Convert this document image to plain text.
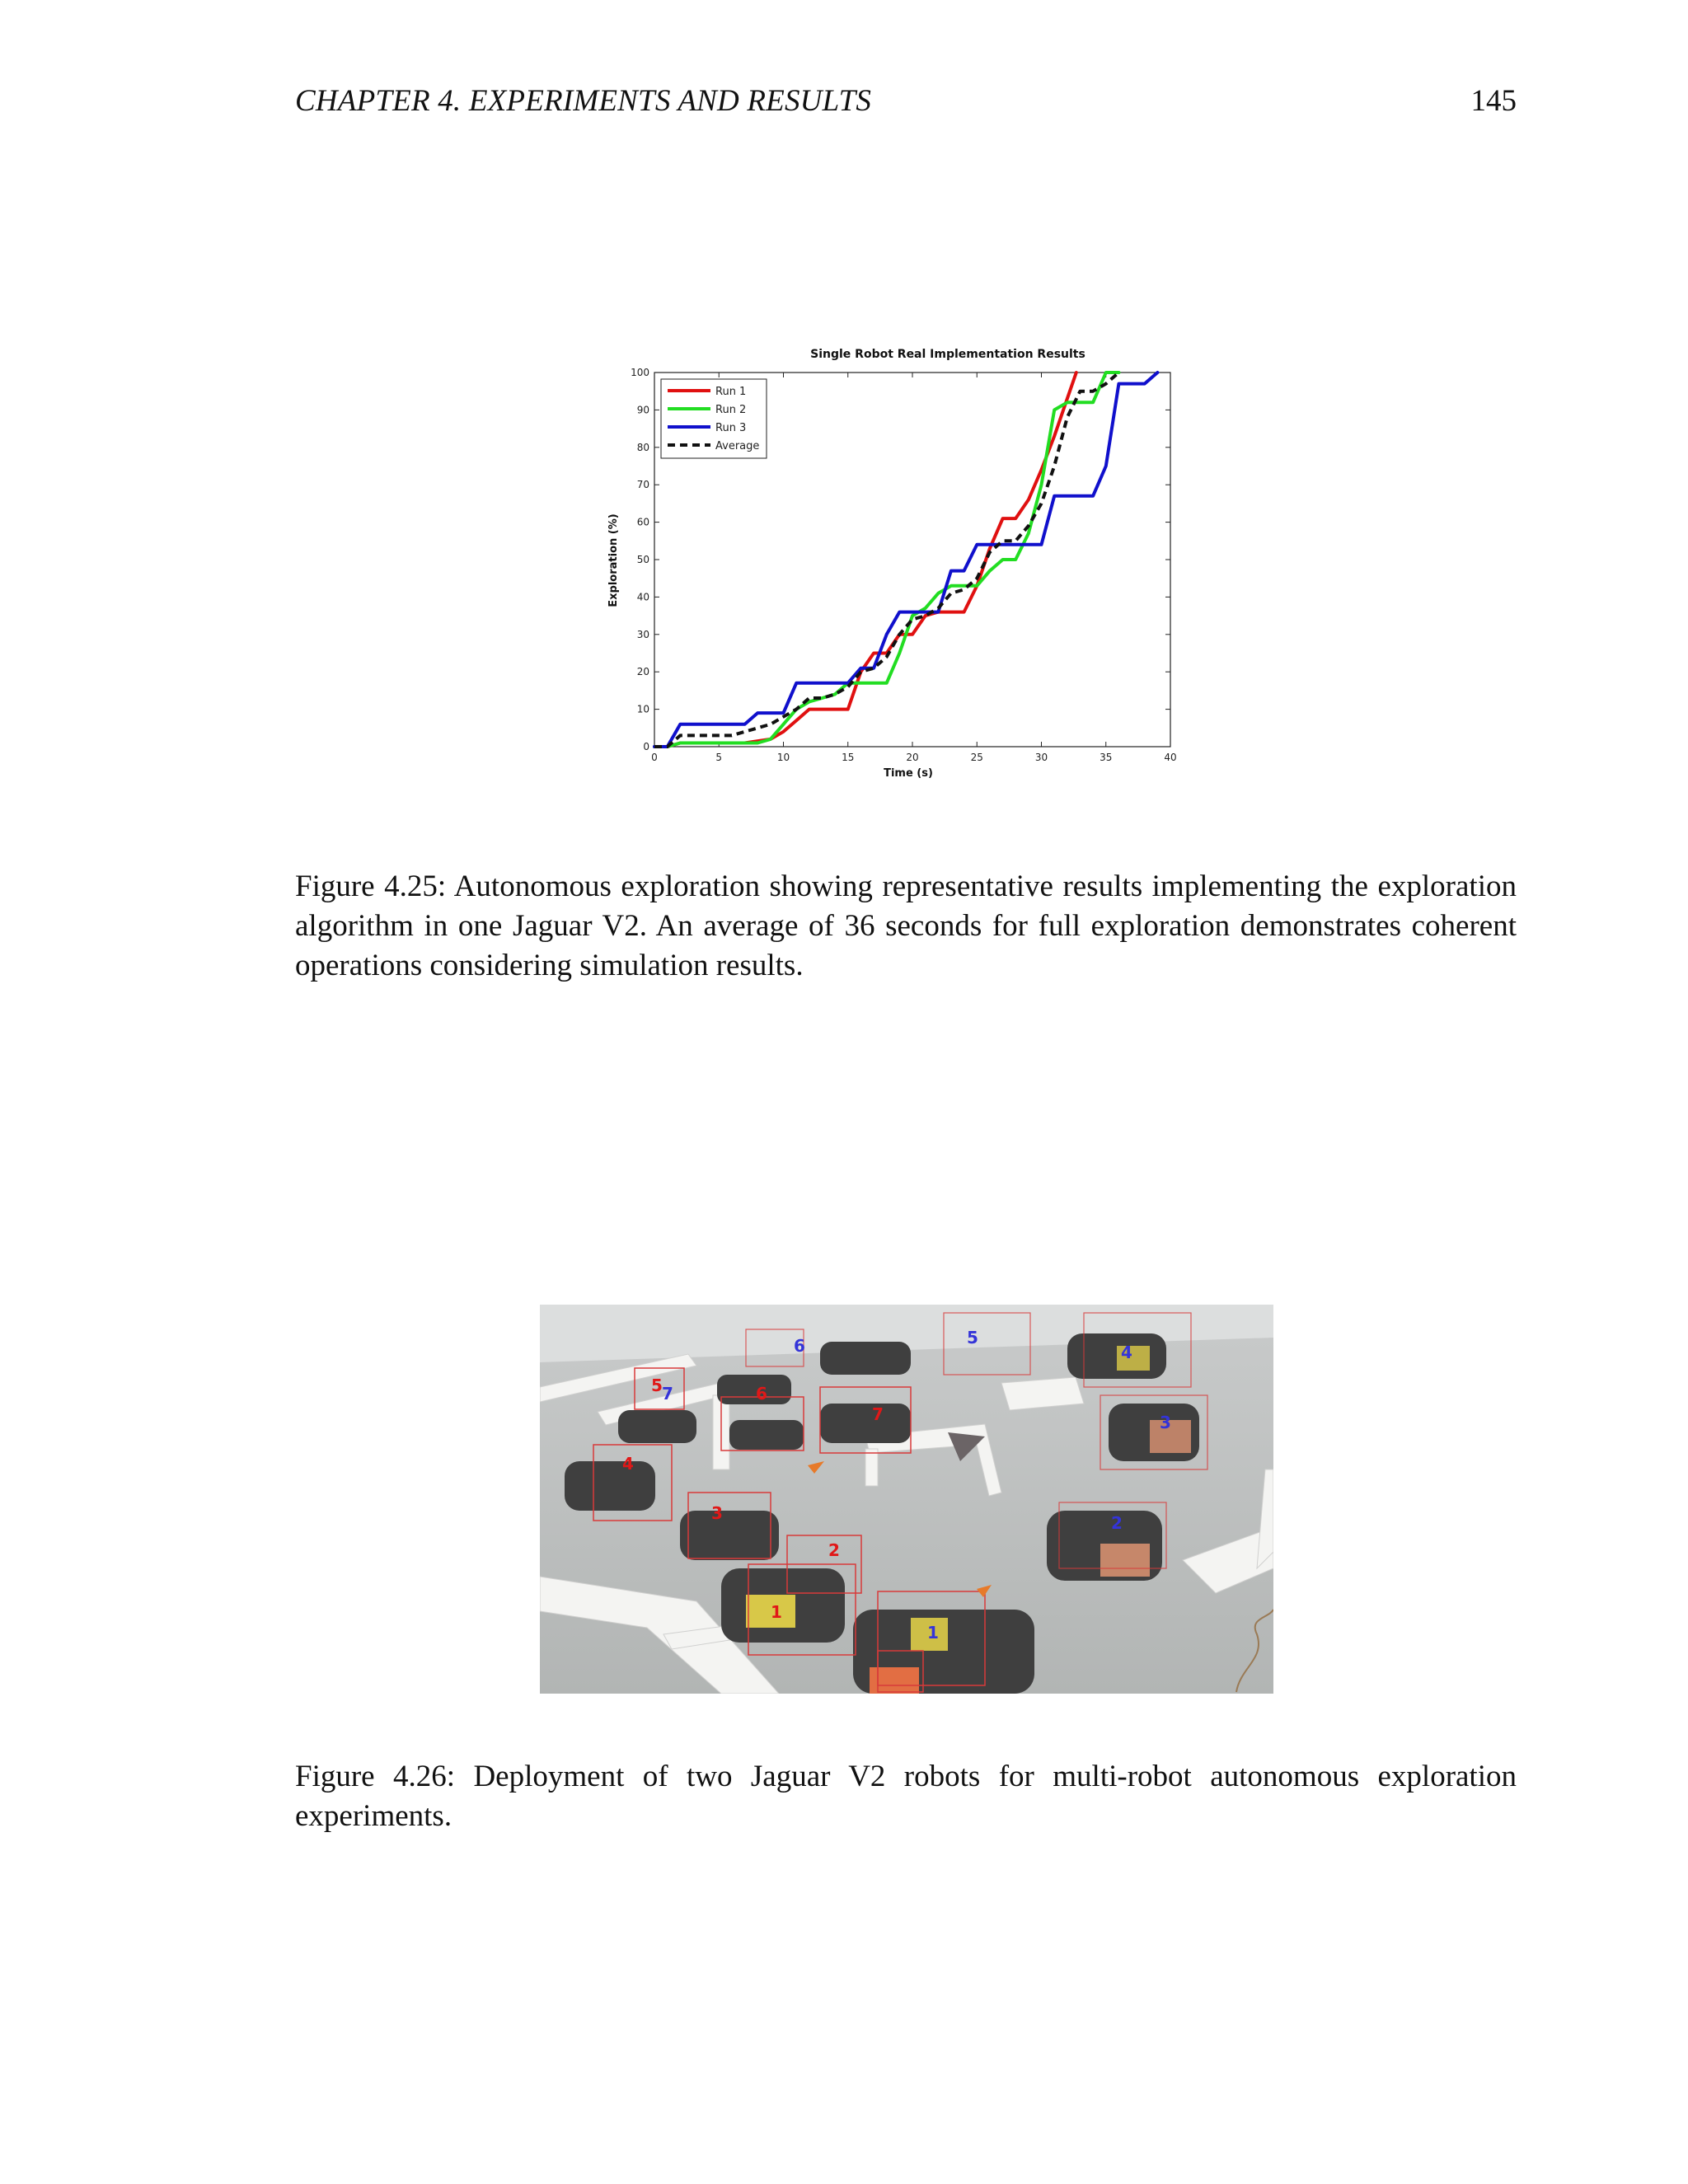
CHAPTER 4. EXPERIMENTS AND RESULTS	145
Single Robot Real Implementation Results
Exploration (%)
Time (s)
0	5	10	15	20	25	30	35	40
0
10
20
30
40
50
60
70
80
90
100
Run 1
Run 2
Run 3
Average

Figure 4.25: Autonomous exploration showing representative results implementing the exploration algorithm in one Jaguar V2. An average of 36 seconds for full exploration demonstrates coherent operations considering simulation results.

5	6
7
4
3
2
1
6	5
4
7
3
2
1

Figure 4.26: Deployment of two Jaguar V2 robots for multi-robot autonomous exploration experiments.
